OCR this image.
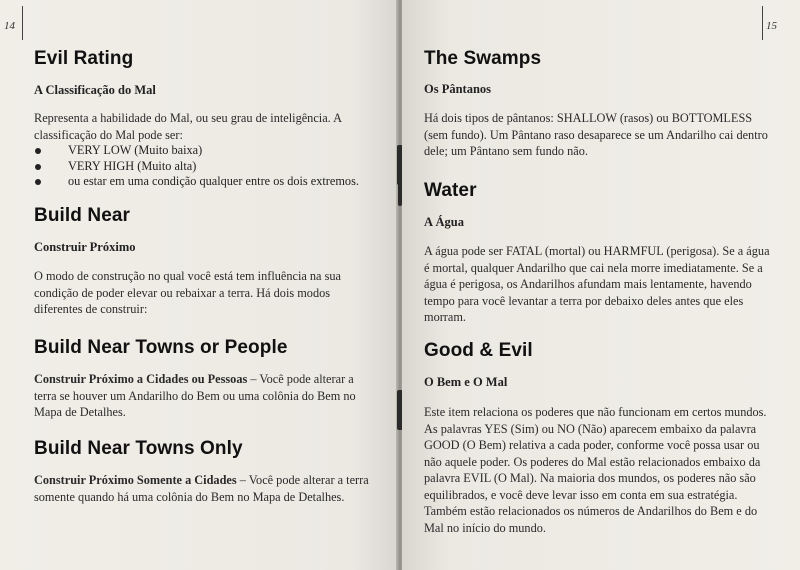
14
Evil Rating
A Classificação do Mal

Representa a habilidade do Mal, ou seu grau de inteligência. A classificação do Mal pode ser:

VERY LOW (Muito baixa)
VERY HIGH (Muito alta)
ou estar em uma condição qualquer entre os dois extremos.
Build Near
Construir Próximo

O modo de construção no qual você está tem influência na sua condição de poder elevar ou rebaixar a terra. Há dois modos diferentes de construir:

Build Near Towns or People

Construir Próximo a Cidades ou Pessoas – Você pode alterar a terra se houver um Andarilho do Bem ou uma colônia do Bem no Mapa de Detalhes.

Build Near Towns Only

Construir Próximo Somente a Cidades – Você pode alterar a terra somente quando há uma colônia do Bem no Mapa de Detalhes.

The Swamps
Os Pântanos

Há dois tipos de pântanos: SHALLOW (rasos) ou BOTTOMLESS (sem fundo). Um Pântano raso desaparece se um Andarilho cai dentro dele; um Pântano sem fundo não.

Water
A Água

A água pode ser FATAL (mortal) ou HARMFUL (perigosa). Se a água é mortal, qualquer Andarilho que cai nela morre imediatamente. Se a água é perigosa, os Andarilhos afundam mais lentamente, havendo tempo para você levantar a terra por debaixo deles antes que eles morram.

Good & Evil
O Bem e O Mal

Este item relaciona os poderes que não funcionam em certos mundos. As palavras YES (Sim) ou NO (Não) aparecem embaixo da palavra GOOD (O Bem) relativa a cada poder, conforme você possa usar ou não aquele poder. Os poderes do Mal estão relacionados embaixo da palavra EVIL (O Mal). Na maioria dos mundos, os poderes não são equilibrados, e você deve levar isso em conta em sua estratégia. Também estão relacionados os números de Andarilhos do Bem e do Mal no início do mundo.

15
